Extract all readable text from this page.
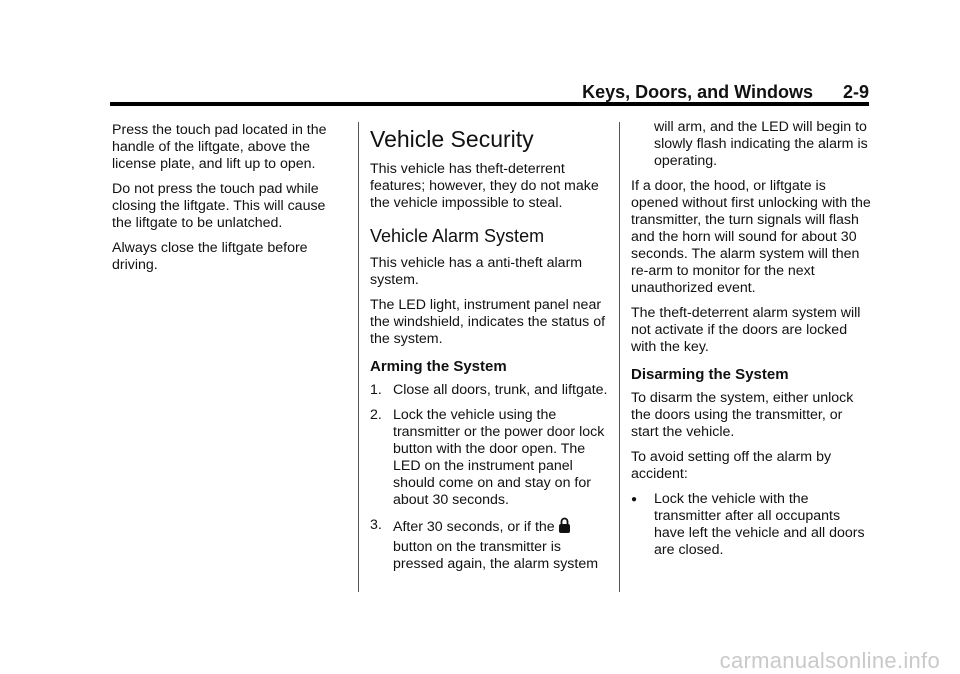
Keys, Doors, and Windows 2-9

Press the touch pad located in the handle of the liftgate, above the license plate, and lift up to open.

Do not press the touch pad while closing the liftgate. This will cause the liftgate to be unlatched.

Always close the liftgate before driving.

Vehicle Security

This vehicle has theft-deterrent features; however, they do not make the vehicle impossible to steal.

Vehicle Alarm System

This vehicle has a anti-theft alarm system.

The LED light, instrument panel near the windshield, indicates the status of the system.

Arming the System
1. Close all doors, trunk, and liftgate.
2. Lock the vehicle using the transmitter or the power door lock button with the door open. The LED on the instrument panel should come on and stay on for about 30 seconds.
3. After 30 seconds, or if the
button on the transmitter is pressed again, the alarm system

will arm, and the LED will begin to slowly flash indicating the alarm is operating.

If a door, the hood, or liftgate is opened without first unlocking with the transmitter, the turn signals will flash and the horn will sound for about 30 seconds. The alarm system will then re-arm to monitor for the next unauthorized event.

The theft-deterrent alarm system will not activate if the doors are locked with the key.

Disarming the System

To disarm the system, either unlock the doors using the transmitter, or start the vehicle.

To avoid setting off the alarm by accident:

●	Lock the vehicle with the transmitter after all occupants have left the vehicle and all doors are closed.
carmanualsonline.info
